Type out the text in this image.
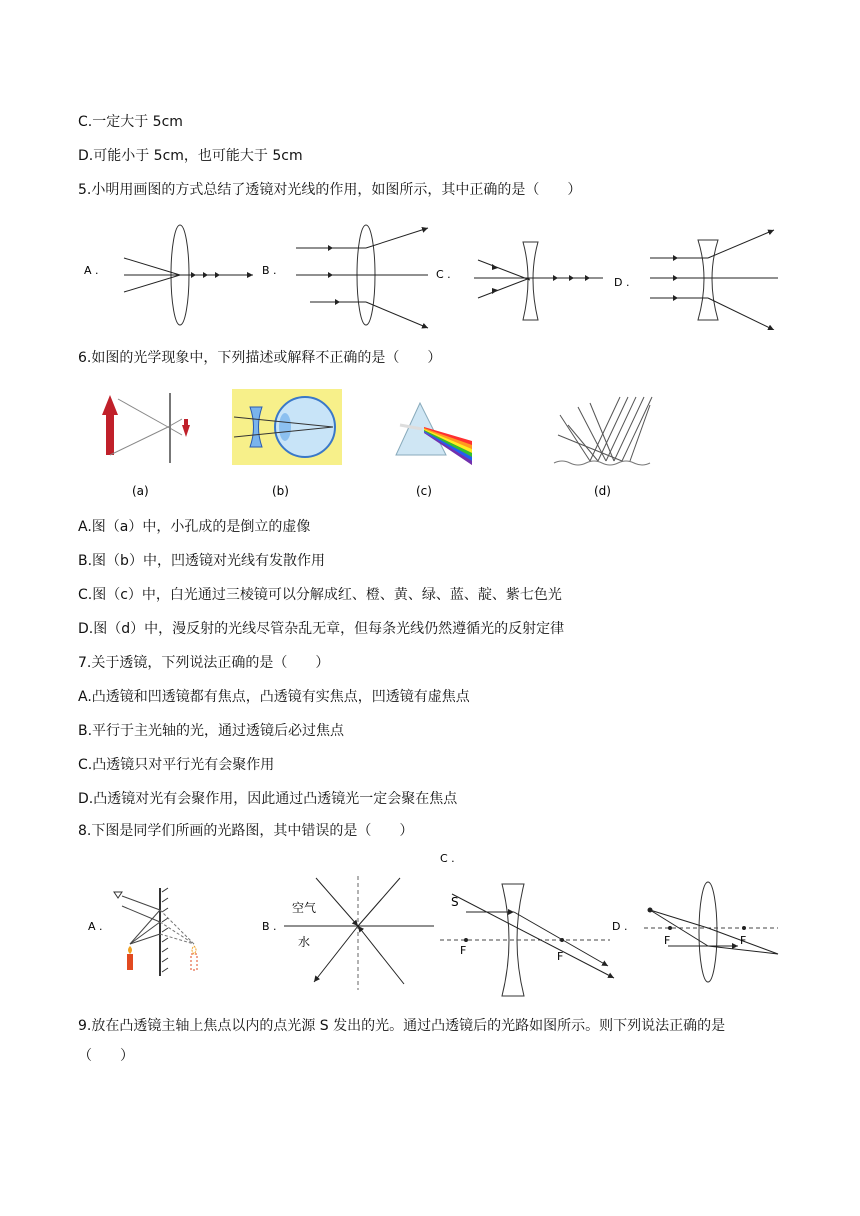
C.一定大于 5cm
D.可能小于 5cm，也可能大于 5cm
5.小明用画图的方式总结了透镜对光线的作用，如图所示，其中正确的是（　　）
6.如图的光学现象中，下列描述或解释不正确的是（　　）
A.图（a）中，小孔成的是倒立的虚像
B.图（b）中，凹透镜对光线有发散作用
C.图（c）中，白光通过三棱镜可以分解成红、橙、黄、绿、蓝、靛、紫七色光
D.图（d）中，漫反射的光线尽管杂乱无章，但每条光线仍然遵循光的反射定律
7.关于透镜，下列说法正确的是（　　）
A.凸透镜和凹透镜都有焦点，凸透镜有实焦点，凹透镜有虚焦点
B.平行于主光轴的光，通过透镜后必过焦点
C.凸透镜只对平行光有会聚作用
D.凸透镜对光有会聚作用，因此通过凸透镜光一定会聚在焦点
8.下图是同学们所画的光路图，其中错误的是（　　）
9.放在凸透镜主轴上焦点以内的点光源 S 发出的光。通过凸透镜后的光路如图所示。则下列说法正确的是
（　　）
A .	B .	C .
D .
(a)	(b)	(c)	(d)
A .	B .
空气
水
C .
S
F	F
D .
F	F
